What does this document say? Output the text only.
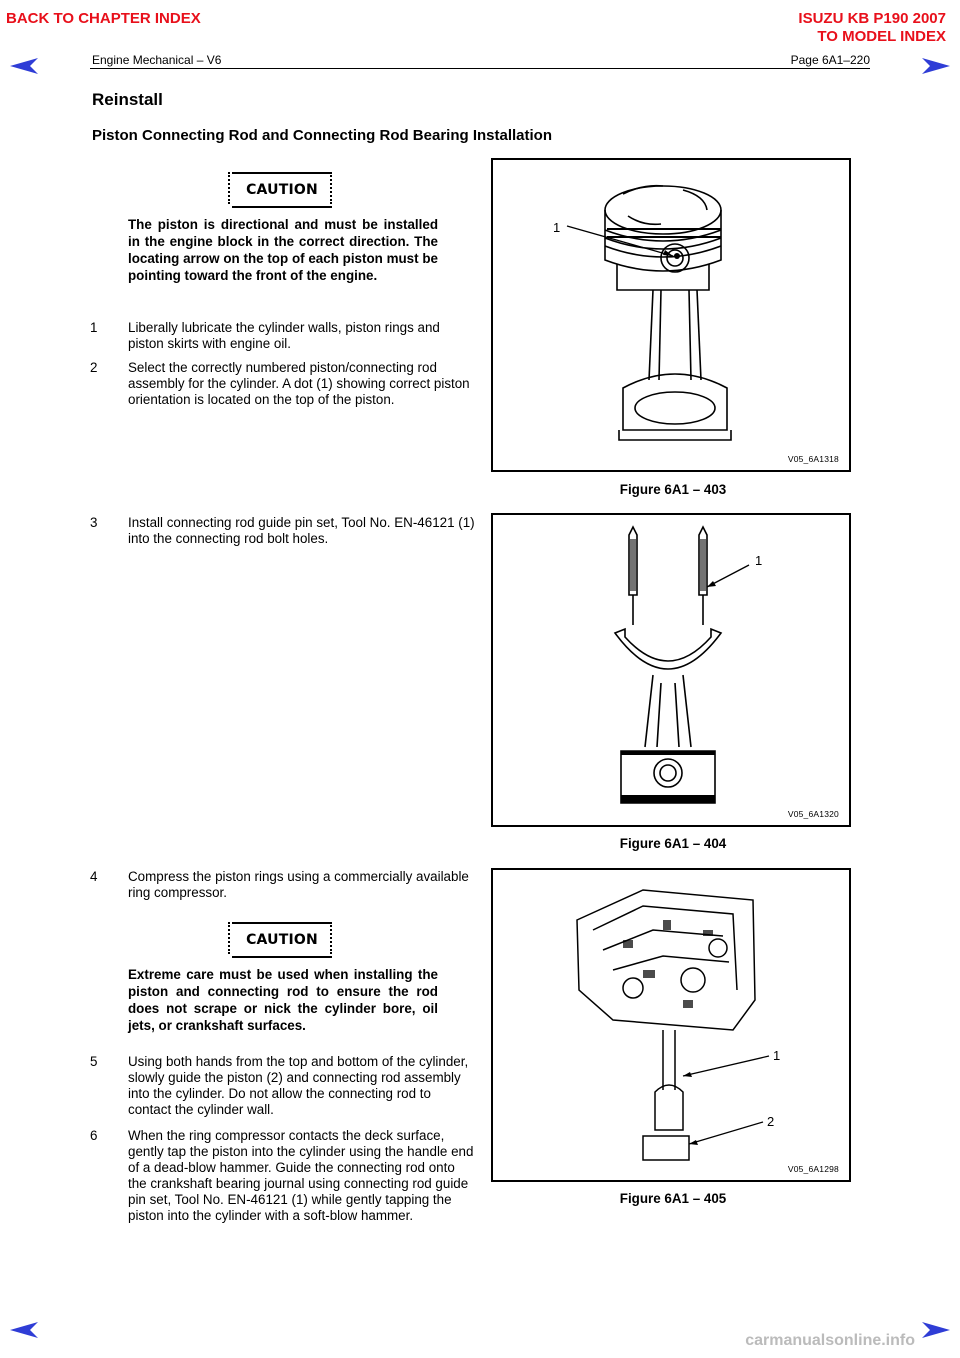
BACK TO CHAPTER INDEX	ISUZU KB P190 2007
TO MODEL INDEX
Engine Mechanical – V6	Page 6A1–220
Reinstall
Piston Connecting Rod and Connecting Rod Bearing Installation
CAUTION
The piston is directional and must be installed in the engine block in the correct direction. The locating arrow on the top of each piston must be pointing toward the front of the engine.
1 Liberally lubricate the cylinder walls, piston rings and piston skirts with engine oil.
2 Select the correctly numbered piston/connecting rod assembly for the cylinder. A dot (1) showing correct piston orientation is located on the top of the piston.
1
V05_6A1318
Figure 6A1 – 403
3 Install connecting rod guide pin set, Tool No. EN-46121 (1) into the connecting rod bolt holes.
1
V05_6A1320
Figure 6A1 – 404
4 Compress the piston rings using a commercially available ring compressor.
CAUTION
Extreme care must be used when installing the piston and connecting rod to ensure the rod does not scrape or nick the cylinder bore, oil jets, or crankshaft surfaces.
5 Using both hands from the top and bottom of the cylinder, slowly guide the piston (2) and connecting rod assembly into the cylinder. Do not allow the connecting rod to contact the cylinder wall.
6 When the ring compressor contacts the deck surface, gently tap the piston into the cylinder using the handle end of a dead-blow hammer. Guide the connecting rod onto the crankshaft bearing journal using connecting rod guide pin set, Tool No. EN-46121 (1) while gently tapping the piston into the cylinder with a soft-blow hammer.
1
2
V05_6A1298
Figure 6A1 – 405
carmanualsonline.info
